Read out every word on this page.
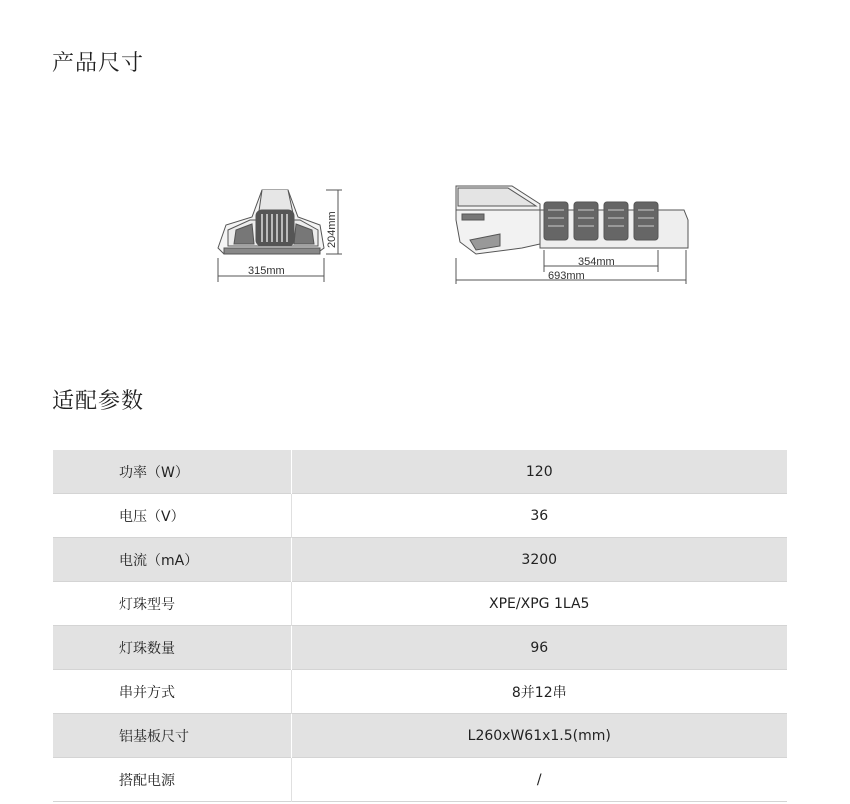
产品尺寸
315mm
204mm
354mm
693mm
适配参数
功率（W）	120
电压（V）	36
电流（mA）	3200
灯珠型号	XPE/XPG 1LA5
灯珠数量	96
串并方式	8并12串
铝基板尺寸	L260xW61x1.5(mm)
搭配电源	/
